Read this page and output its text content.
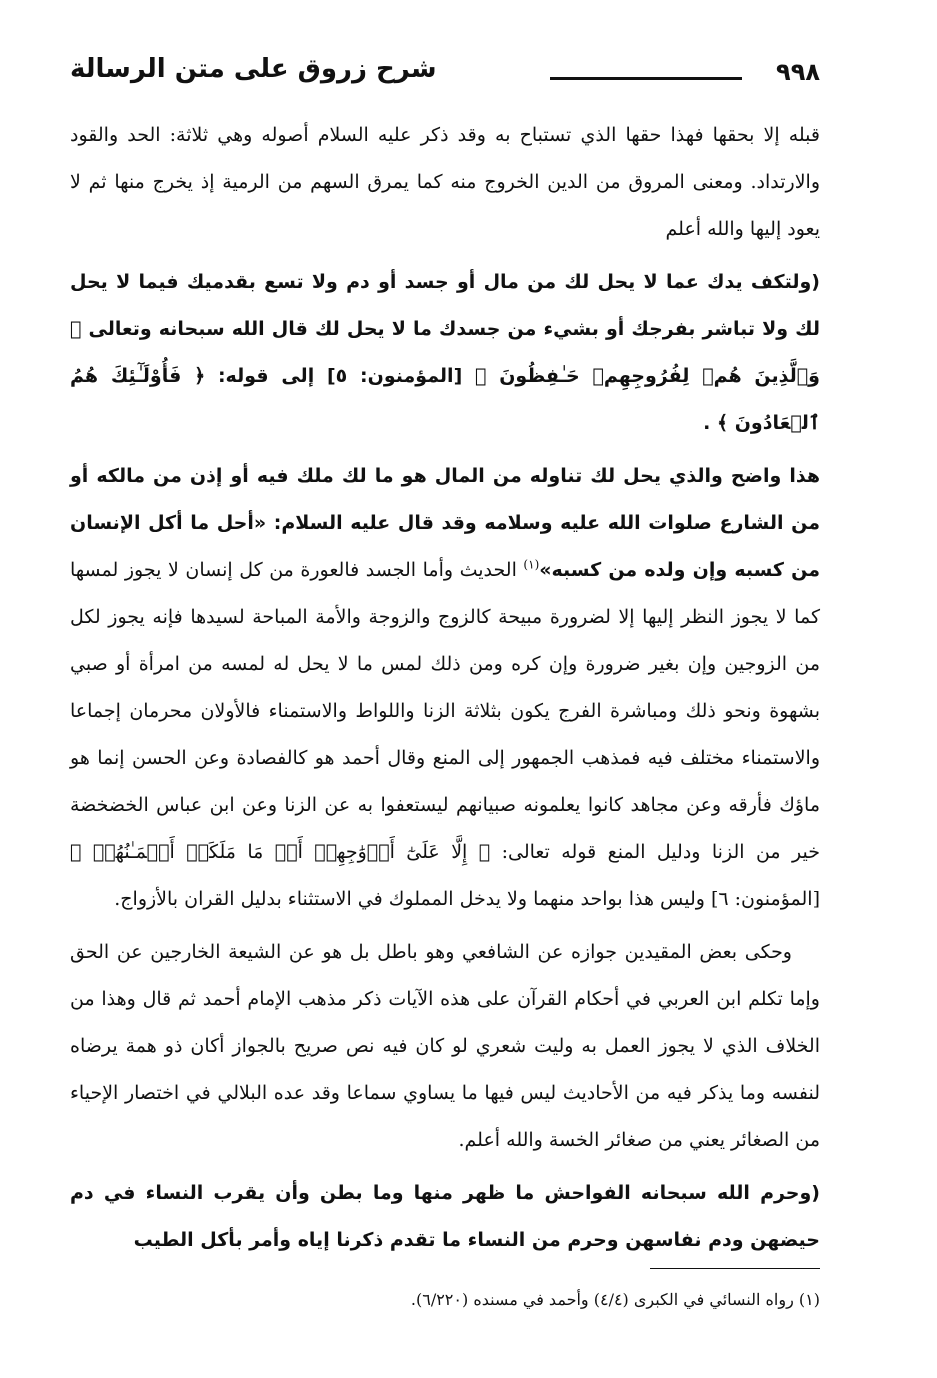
٩٩٨
شرح زروق على متن الرسالة

قبله إلا بحقها فهذا حقها الذي تستباح به وقد ذكر عليه السلام أصوله وهي ثلاثة: الحد والقود والارتداد. ومعنى المروق من الدين الخروج منه كما يمرق السهم من الرمية إذ يخرج منها ثم لا يعود إليها والله أعلم

(ولتكف يدك عما لا يحل لك من مال أو جسد أو دم ولا تسع بقدميك فيما لا يحل لك ولا تباشر بفرجك أو بشيء من جسدك ما لا يحل لك قال الله سبحانه وتعالى ﴿ وَٱلَّذِينَ هُمۡ لِفُرُوجِهِمۡ حَـٰفِظُونَ ﴾ [المؤمنون: ٥] إلى قوله: ﴿ فَأُوْلَـٰٓئِكَ هُمُ ٱلۡعَادُونَ ﴾ .

هذا واضح والذي يحل لك تناوله من المال هو ما لك ملك فيه أو إذن من مالكه أو من الشارع صلوات الله عليه وسلامه وقد قال عليه السلام: «أحل ما أكل الإنسان من كسبه وإن ولده من كسبه»$^{(١)}$ الحديث وأما الجسد فالعورة من كل إنسان لا يجوز لمسها كما لا يجوز النظر إليها إلا لضرورة مبيحة كالزوج والزوجة والأمة المباحة لسيدها فإنه يجوز لكل من الزوجين وإن بغير ضرورة وإن كره ومن ذلك لمس ما لا يحل له لمسه من امرأة أو صبي بشهوة ونحو ذلك ومباشرة الفرج يكون بثلاثة الزنا واللواط والاستمناء فالأولان محرمان إجماعا والاستمناء مختلف فيه فمذهب الجمهور إلى المنع وقال أحمد هو كالفصادة وعن الحسن إنما هو ماؤك فأرقه وعن مجاهد كانوا يعلمونه صبيانهم ليستعفوا به عن الزنا وعن ابن عباس الخضخضة خير من الزنا ودليل المنع قوله تعالى: ﴿ إِلَّا عَلَىٰٓ أَزۡوَٰجِهِمۡ أَوۡ مَا مَلَكَتۡ أَيۡمَـٰنُهُمۡ ﴾ [المؤمنون: ٦] وليس هذا بواحد منهما ولا يدخل المملوك في الاستثناء بدليل القران بالأزواج.

وحكى بعض المقيدين جوازه عن الشافعي وهو باطل بل هو عن الشيعة الخارجين عن الحق وإما تكلم ابن العربي في أحكام القرآن على هذه الآيات ذكر مذهب الإمام أحمد ثم قال وهذا من الخلاف الذي لا يجوز العمل به وليت شعري لو كان فيه نص صريح بالجواز أكان ذو همة يرضاه لنفسه وما يذكر فيه من الأحاديث ليس فيها ما يساوي سماعا وقد عده البلالي في اختصار الإحياء من الصغائر يعني من صغائر الخسة والله أعلم.

(وحرم الله سبحانه الفواحش ما ظهر منها وما بطن وأن يقرب النساء في دم حيضهن ودم نفاسهن وحرم من النساء ما تقدم ذكرنا إياه وأمر بأكل الطيب

(١) رواه النسائي في الكبرى (٤/٤) وأحمد في مسنده (٦/٢٢٠).
